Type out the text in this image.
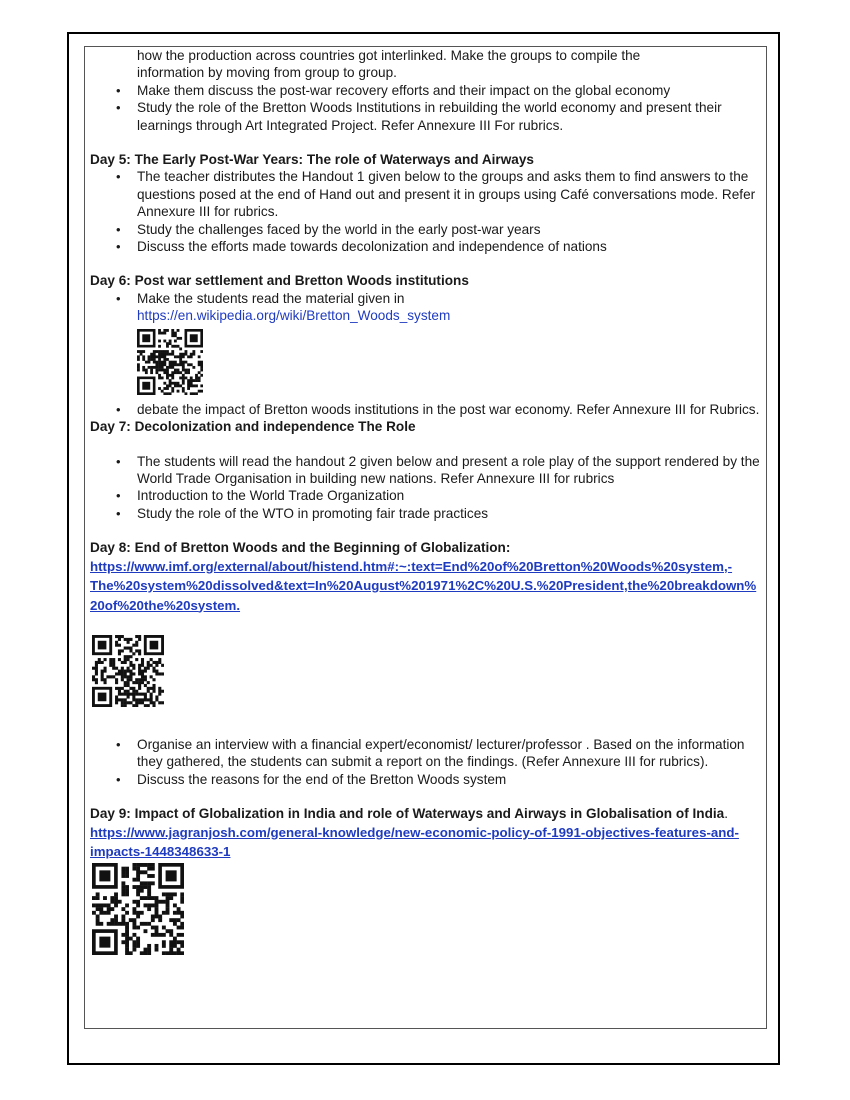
how the production across countries got interlinked. Make the groups to compile the
information by moving from group to group.
• Make them discuss the post-war recovery efforts and their impact on the global economy
• Study the role of the Bretton Woods Institutions in rebuilding the world economy and present their learnings through Art Integrated Project. Refer Annexure III For rubrics.
Day 5: The Early Post-War Years: The role of Waterways and Airways
• The teacher distributes the Handout 1 given below to the groups and asks them to find answers to the questions posed at the end of Hand out and present it in groups using Café conversations mode. Refer Annexure III for rubrics.
• Study the challenges faced by the world in the early post-war years
• Discuss the efforts made towards decolonization and independence of nations
Day 6: Post war settlement and Bretton Woods institutions
• Make the students read the material given in
https://en.wikipedia.org/wiki/Bretton_Woods_system
• debate the impact of Bretton woods institutions in the post war economy. Refer Annexure III for Rubrics.
Day 7: Decolonization and independence The Role
• The students will read the handout 2 given below and present a role play of the support rendered by the World Trade Organisation in building new nations. Refer Annexure III for rubrics
• Introduction to the World Trade Organization
• Study the role of the WTO in promoting fair trade practices
Day 8: End of Bretton Woods and the Beginning of Globalization:
https://www.imf.org/external/about/histend.htm#:~:text=End%20of%20Bretton%20Woods%20system,-
The%20system%20dissolved&text=In%20August%201971%2C%20U.S.%20President,the%20breakdown%
20of%20the%20system.
• Organise an interview with a financial expert/economist/ lecturer/professor . Based on the information they gathered, the students can submit a report on the findings. (Refer Annexure III for rubrics).
• Discuss the reasons for the end of the Bretton Woods system
Day 9: Impact of Globalization in India and role of Waterways and Airways in Globalisation of India.
https://www.jagranjosh.com/general-knowledge/new-economic-policy-of-1991-objectives-features-and-
impacts-1448348633-1
